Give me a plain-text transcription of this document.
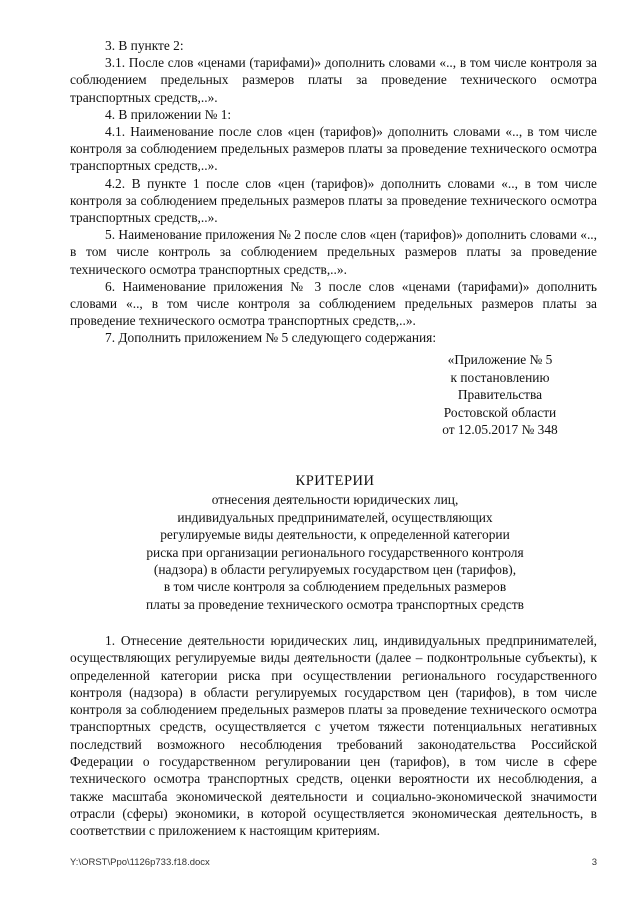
3. В пункте 2:

3.1. После слов «ценами (тарифами)» дополнить словами «.., в том числе контроля за соблюдением предельных размеров платы за проведение технического осмотра транспортных средств,..».

4. В приложении № 1:

4.1. Наименование после слов «цен (тарифов)» дополнить словами «.., в том числе контроля за соблюдением предельных размеров платы за проведение технического осмотра транспортных средств,..».

4.2. В пункте 1 после слов «цен (тарифов)» дополнить словами «.., в том числе контроля за соблюдением предельных размеров платы за проведение технического осмотра транспортных средств,..».

5. Наименование приложения № 2 после слов «цен (тарифов)» дополнить словами «.., в том числе контроль за соблюдением предельных размеров платы за проведение технического осмотра транспортных средств,..».

6. Наименование приложения № 3 после слов «ценами (тарифами)» дополнить словами «.., в том числе контроля за соблюдением предельных размеров платы за проведение технического осмотра транспортных средств,..».

7. Дополнить приложением № 5 следующего содержания:

«Приложение № 5
к постановлению
Правительства
Ростовской области
от 12.05.2017 № 348
КРИТЕРИИ
отнесения деятельности юридических лиц,
индивидуальных предпринимателей, осуществляющих
регулируемые виды деятельности, к определенной категории
риска при организации регионального государственного контроля
(надзора) в области регулируемых государством цен (тарифов),
в том числе контроля за соблюдением предельных размеров
платы за проведение технического осмотра транспортных средств

1. Отнесение деятельности юридических лиц, индивидуальных предпринимателей, осуществляющих регулируемые виды деятельности (далее – подконтрольные субъекты), к определенной категории риска при осуществлении регионального государственного контроля (надзора) в области регулируемых государством цен (тарифов), в том числе контроля за соблюдением предельных размеров платы за проведение технического осмотра транспортных средств, осуществляется с учетом тяжести потенциальных негативных последствий возможного несоблюдения требований законодательства Российской Федерации о государственном регулировании цен (тарифов), в том числе в сфере технического осмотра транспортных средств, оценки вероятности их несоблюдения, а также масштаба экономической деятельности и социально-экономической значимости отрасли (сферы) экономики, в которой осуществляется экономическая деятельность, в соответствии с приложением к настоящим критериям.

Y:\ORST\Ppo\1126p733.f18.docx	3
